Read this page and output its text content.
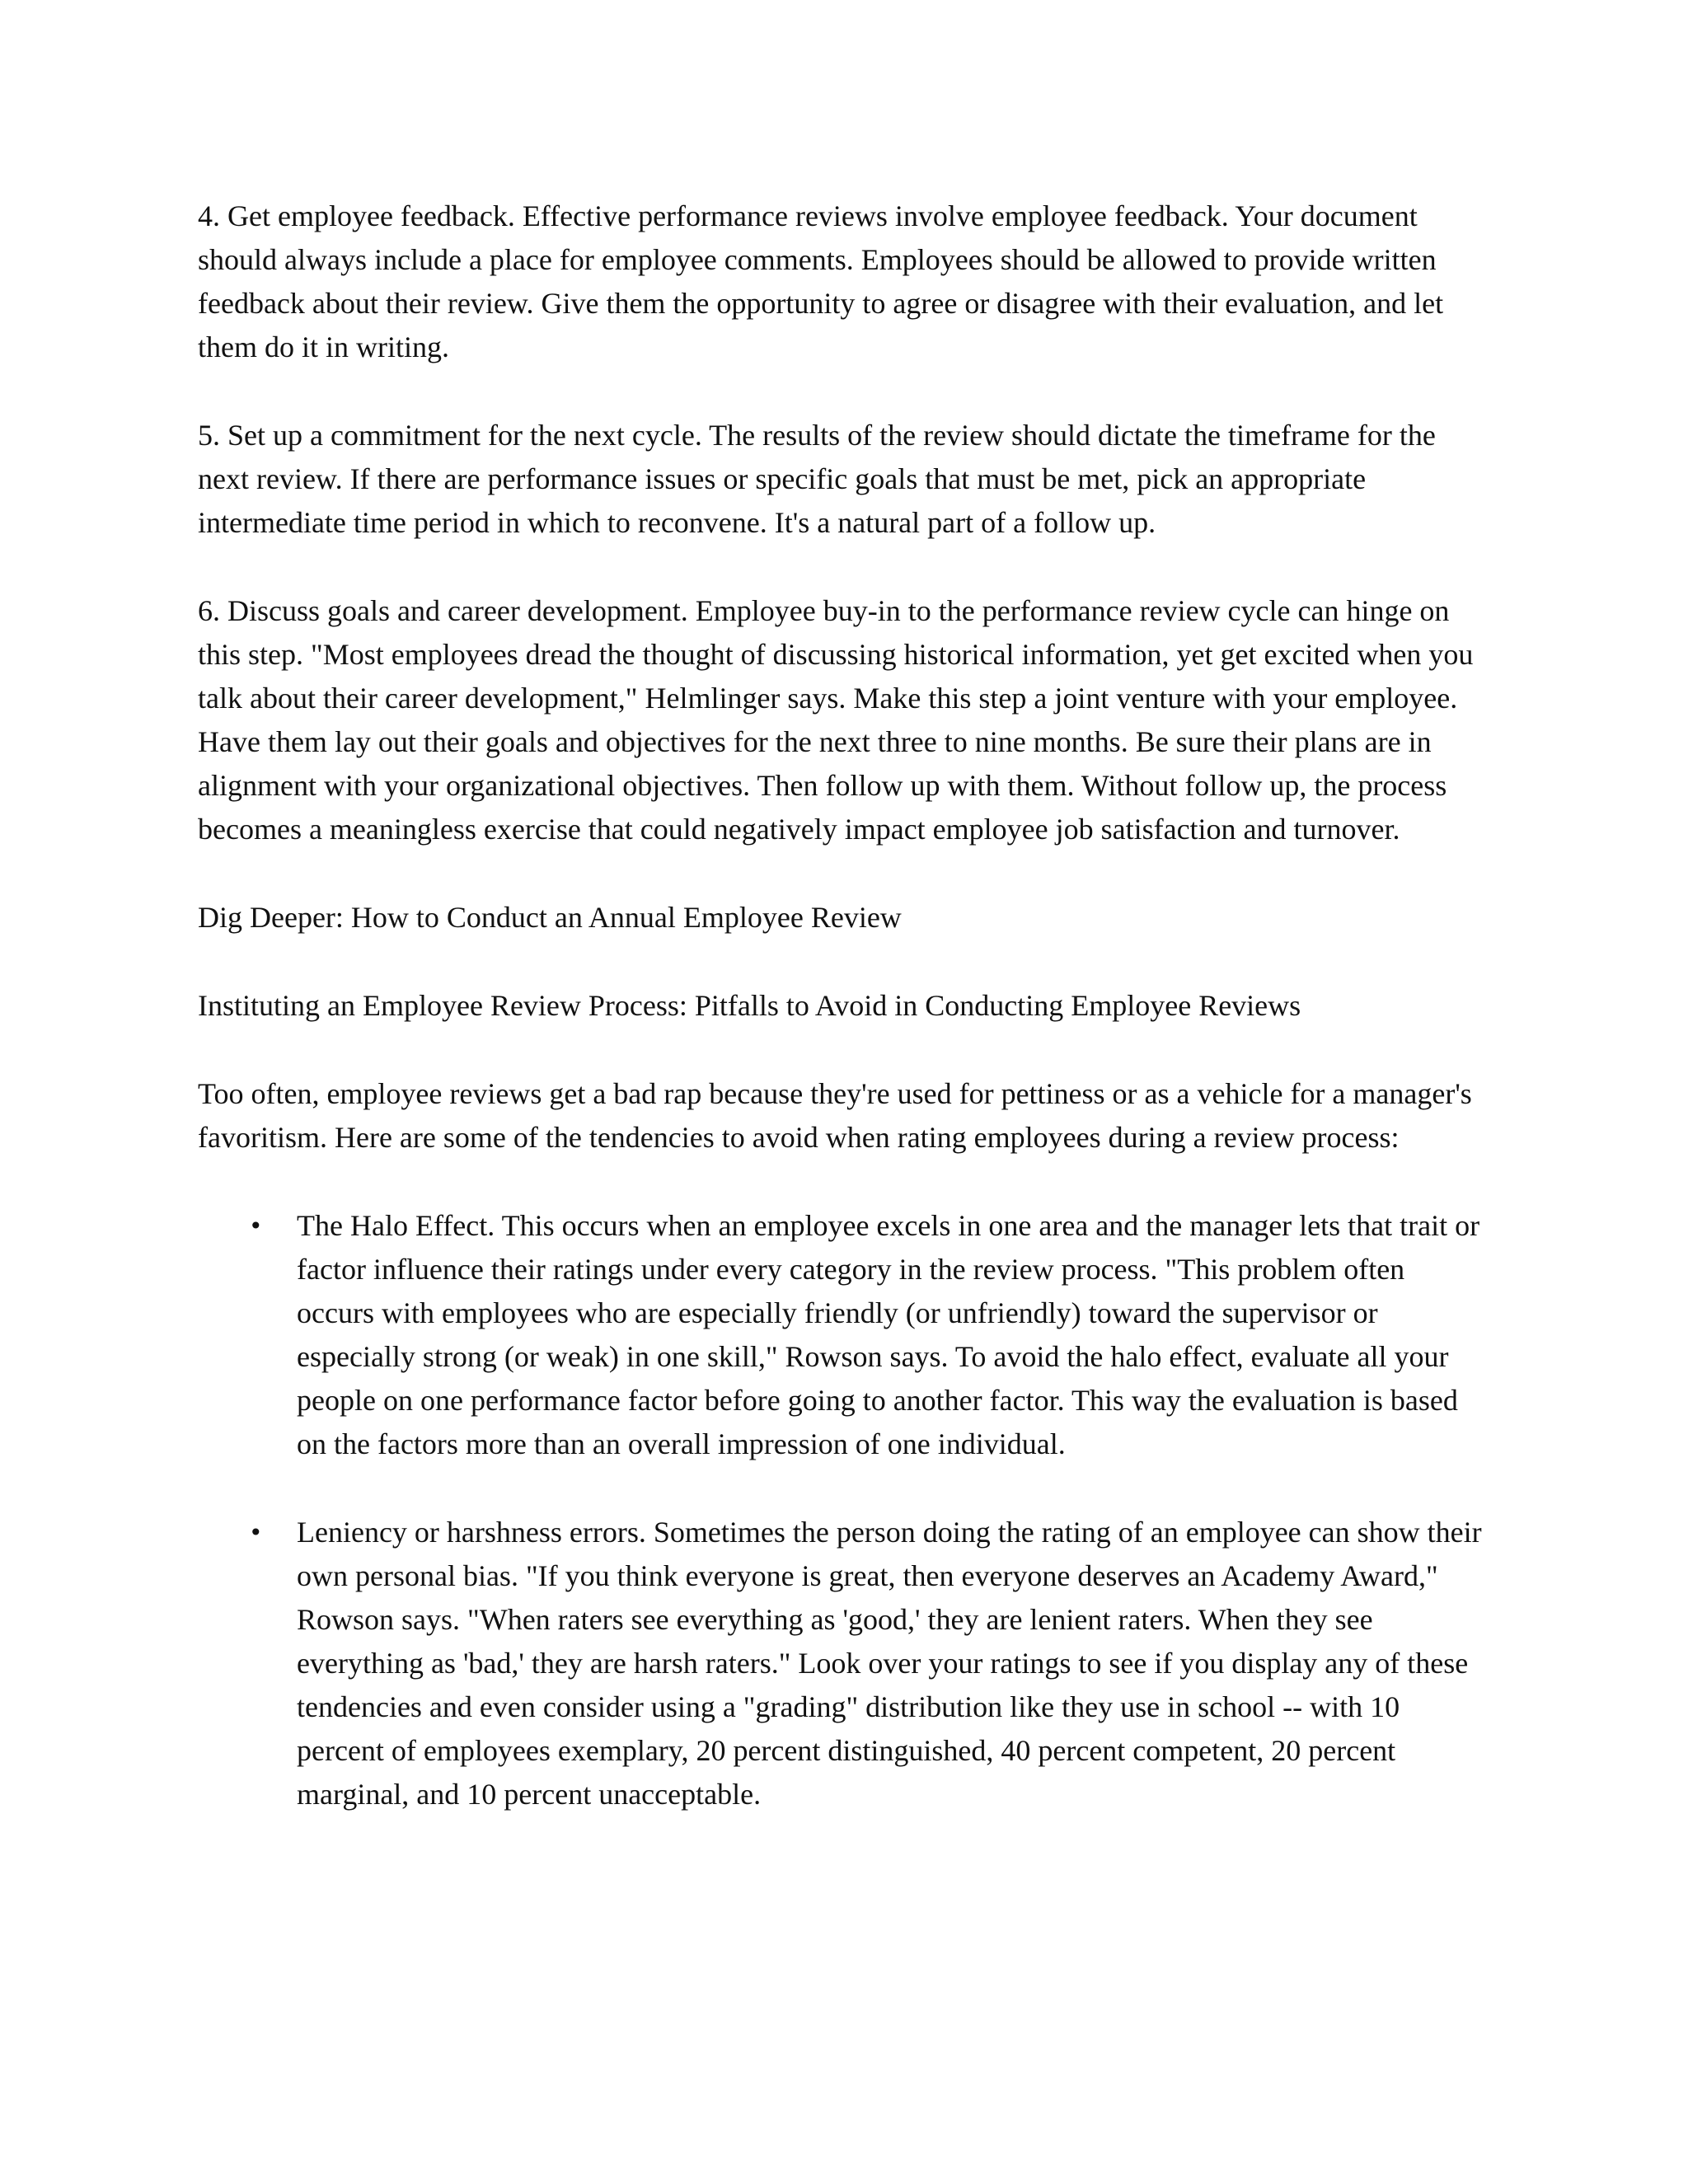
4. Get employee feedback. Effective performance reviews involve employee feedback. Your document should always include a place for employee comments. Employees should be allowed to provide written feedback about their review. Give them the opportunity to agree or disagree with their evaluation, and let them do it in writing.

5. Set up a commitment for the next cycle. The results of the review should dictate the timeframe for the next review. If there are performance issues or specific goals that must be met, pick an appropriate intermediate time period in which to reconvene. It's a natural part of a follow up.

6. Discuss goals and career development. Employee buy-in to the performance review cycle can hinge on this step. "Most employees dread the thought of discussing historical information, yet get excited when you talk about their career development," Helmlinger says. Make this step a joint venture with your employee. Have them lay out their goals and objectives for the next three to nine months. Be sure their plans are in alignment with your organizational objectives. Then follow up with them. Without follow up, the process becomes a meaningless exercise that could negatively impact employee job satisfaction and turnover.

Dig Deeper: How to Conduct an Annual Employee Review

Instituting an Employee Review Process: Pitfalls to Avoid in Conducting Employee Reviews

Too often, employee reviews get a bad rap because they're used for pettiness or as a vehicle for a manager's favoritism. Here are some of the tendencies to avoid when rating employees during a review process:

• The Halo Effect. This occurs when an employee excels in one area and the manager lets that trait or factor influence their ratings under every category in the review process. "This problem often occurs with employees who are especially friendly (or unfriendly) toward the supervisor or especially strong (or weak) in one skill," Rowson says. To avoid the halo effect, evaluate all your people on one performance factor before going to another factor. This way the evaluation is based on the factors more than an overall impression of one individual.
• Leniency or harshness errors. Sometimes the person doing the rating of an employee can show their own personal bias. "If you think everyone is great, then everyone deserves an Academy Award," Rowson says. "When raters see everything as 'good,' they are lenient raters. When they see everything as 'bad,' they are harsh raters." Look over your ratings to see if you display any of these tendencies and even consider using a "grading" distribution like they use in school -- with 10 percent of employees exemplary, 20 percent distinguished, 40 percent competent, 20 percent marginal, and 10 percent unacceptable.
